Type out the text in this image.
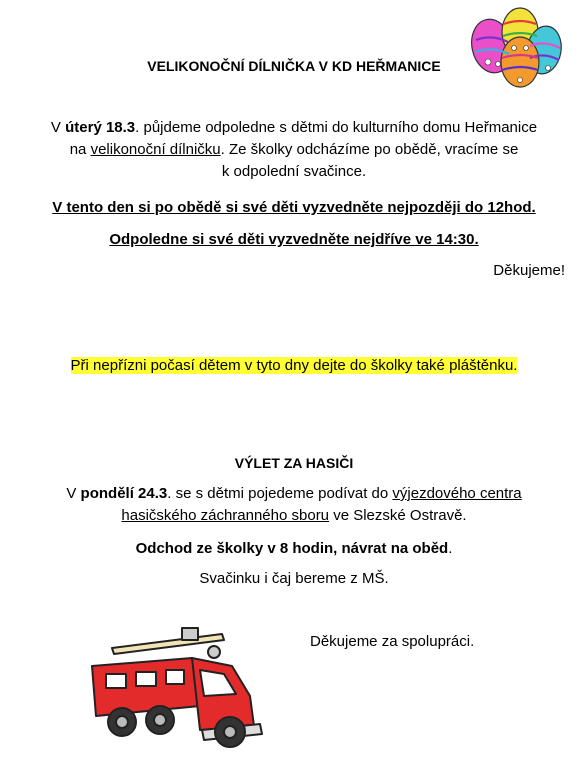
VELIKONOČNÍ DÍLNIČKA V KD HEŘMANICE
V úterý 18.3. půjdeme odpoledne s dětmi do kulturního domu Heřmanice
na velikonoční dílničku. Ze školky odcházíme po obědě, vracíme se
k odpolední svačince.
V tento den si po obědě si své děti vyzvedněte nejpozději do 12hod.
Odpoledne si své děti vyzvedněte nejdříve ve 14:30.
Děkujeme!
Při nepřízni počasí dětem v tyto dny dejte do školky také pláštěnku.
VÝLET ZA HASIČI
V pondělí 24.3. se s dětmi pojedeme podívat do výjezdového centra
hasičského záchranného sboru ve Slezské Ostravě.
Odchod ze školky v 8 hodin, návrat na oběd.
Svačinku i čaj bereme z MŠ.
Děkujeme za spolupráci.
